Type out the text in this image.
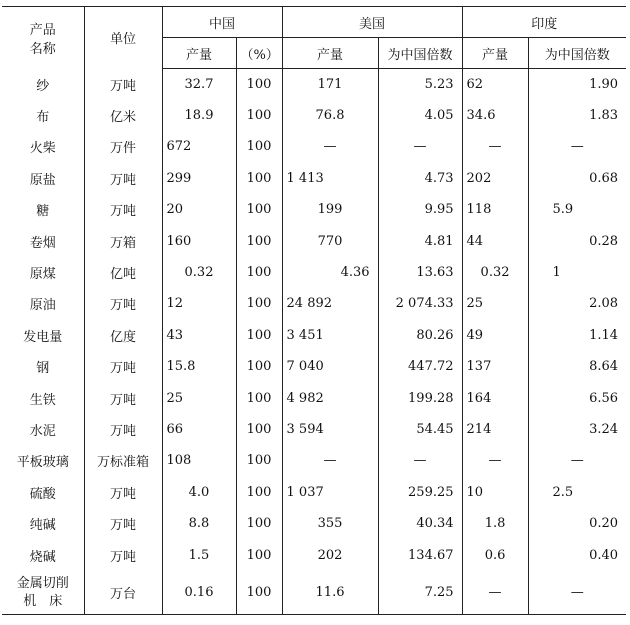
产品
名称	单位	中国		美国		印度	
		产量	（%）	产量	为中国倍数	产量	为中国倍数
纱	万吨	32.7	100	171	5.23	62	1.90
布	亿米	18.9	100	76.8	4.05	34.6	1.83
火柴	万件	672	100	—	—	—	—
原盐	万吨	299	100	1 413	4.73	202	0.68
糖	万吨	20	100	199	9.95	118	5.9
卷烟	万箱	160	100	770	4.81	44	0.28
原煤	亿吨	0.32	100	4.36	13.63	0.32	1
原油	万吨	12	100	24 892	2 074.33	25	2.08
发电量	亿度	43	100	3 451	80.26	49	1.14
钢	万吨	15.8	100	7 040	447.72	137	8.64
生铁	万吨	25	100	4 982	199.28	164	6.56
水泥	万吨	66	100	3 594	54.45	214	3.24
平板玻璃	万标准箱	108	100	—	—	—	—
硫酸	万吨	4.0	100	1 037	259.25	10	2.5
纯碱	万吨	8.8	100	355	40.34	1.8	0.20
烧碱	万吨	1.5	100	202	134.67	0.6	0.40

金属切削
机　床	万台	0.16	100	11.6	7.25	—	—
